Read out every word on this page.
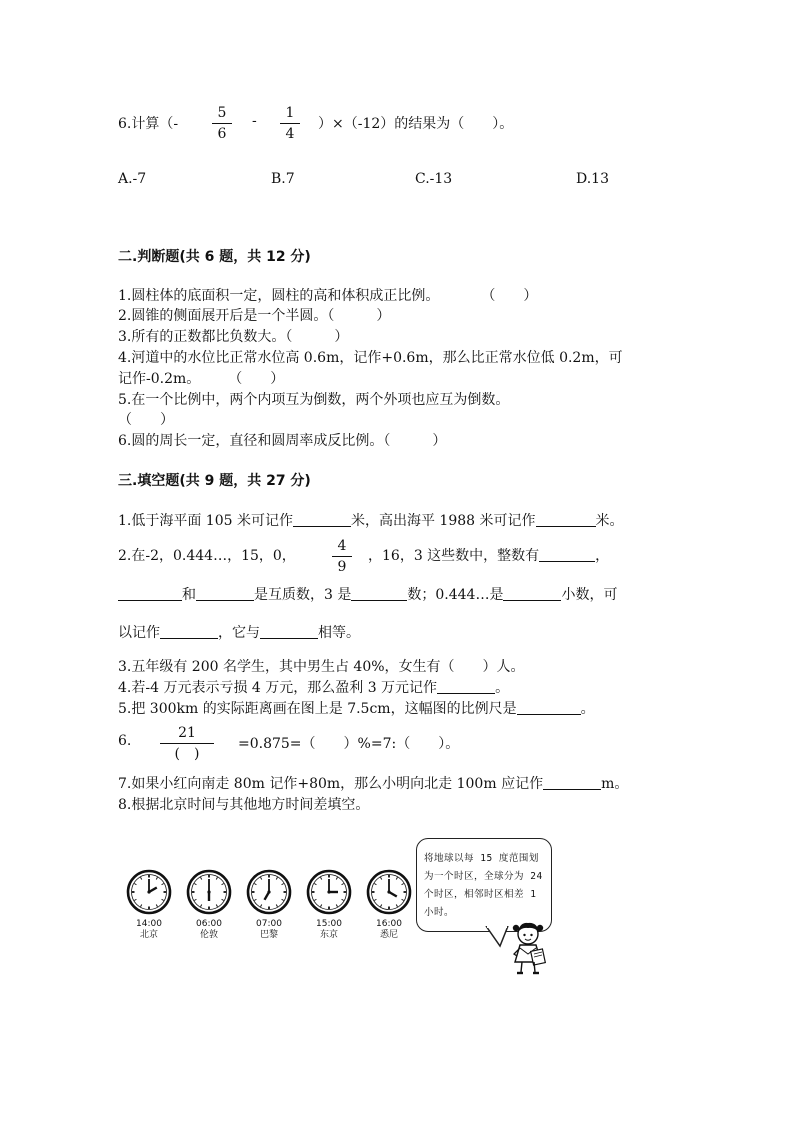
6.计算（-
5
6
-	1
4
）×（-12）的结果为（　　）。
A.-7	B.7	C.-13	D.13
二.判断题(共 6 题，共 12 分)
1.圆柱体的底面积一定，圆柱的高和体积成正比例。　　　　（　　）
2.圆锥的侧面展开后是一个半圆。（　　　）
3.所有的正数都比负数大。（　　　）
4.河道中的水位比正常水位高 0.6m，记作+0.6m，那么比正常水位低 0.2m，可
记作-0.2m。　　　（　　）
5.在一个比例中，两个内项互为倒数，两个外项也应互为倒数。
（　　）
6.圆的周长一定，直径和圆周率成反比例。（　　　）
三.填空题(共 9 题，共 27 分)
1.低于海平面 105 米可记作	米，高出海平 1988 米可记作	米。
2.在-2，0.444…，15，0，
4
9
，16，3 这些数中，整数有	，
和	是互质数，3 是	数；0.444…是	小数，可
以记作	，它与	相等。
3.五年级有 200 名学生，其中男生占 40%，女生有（　　）人。
4.若-4 万元表示亏损 4 万元，那么盈利 3 万元记作	。
5.把 300km 的实际距离画在图上是 7.5cm，这幅图的比例尺是	。
6.	21
(　)
=0.875=（　　）%=7:（　　）。
7.如果小红向南走 80m 记作+80m，那么小明向北走 100m 应记作	m。
8.根据北京时间与其他地方时间差填空。
14:00
北京
06:00
伦敦
07:00
巴黎
15:00
东京
16:00
悉尼
将地球以每 15 度范围划为一个时区，全球分为 24 个时区，相邻时区相差 1 小时。
